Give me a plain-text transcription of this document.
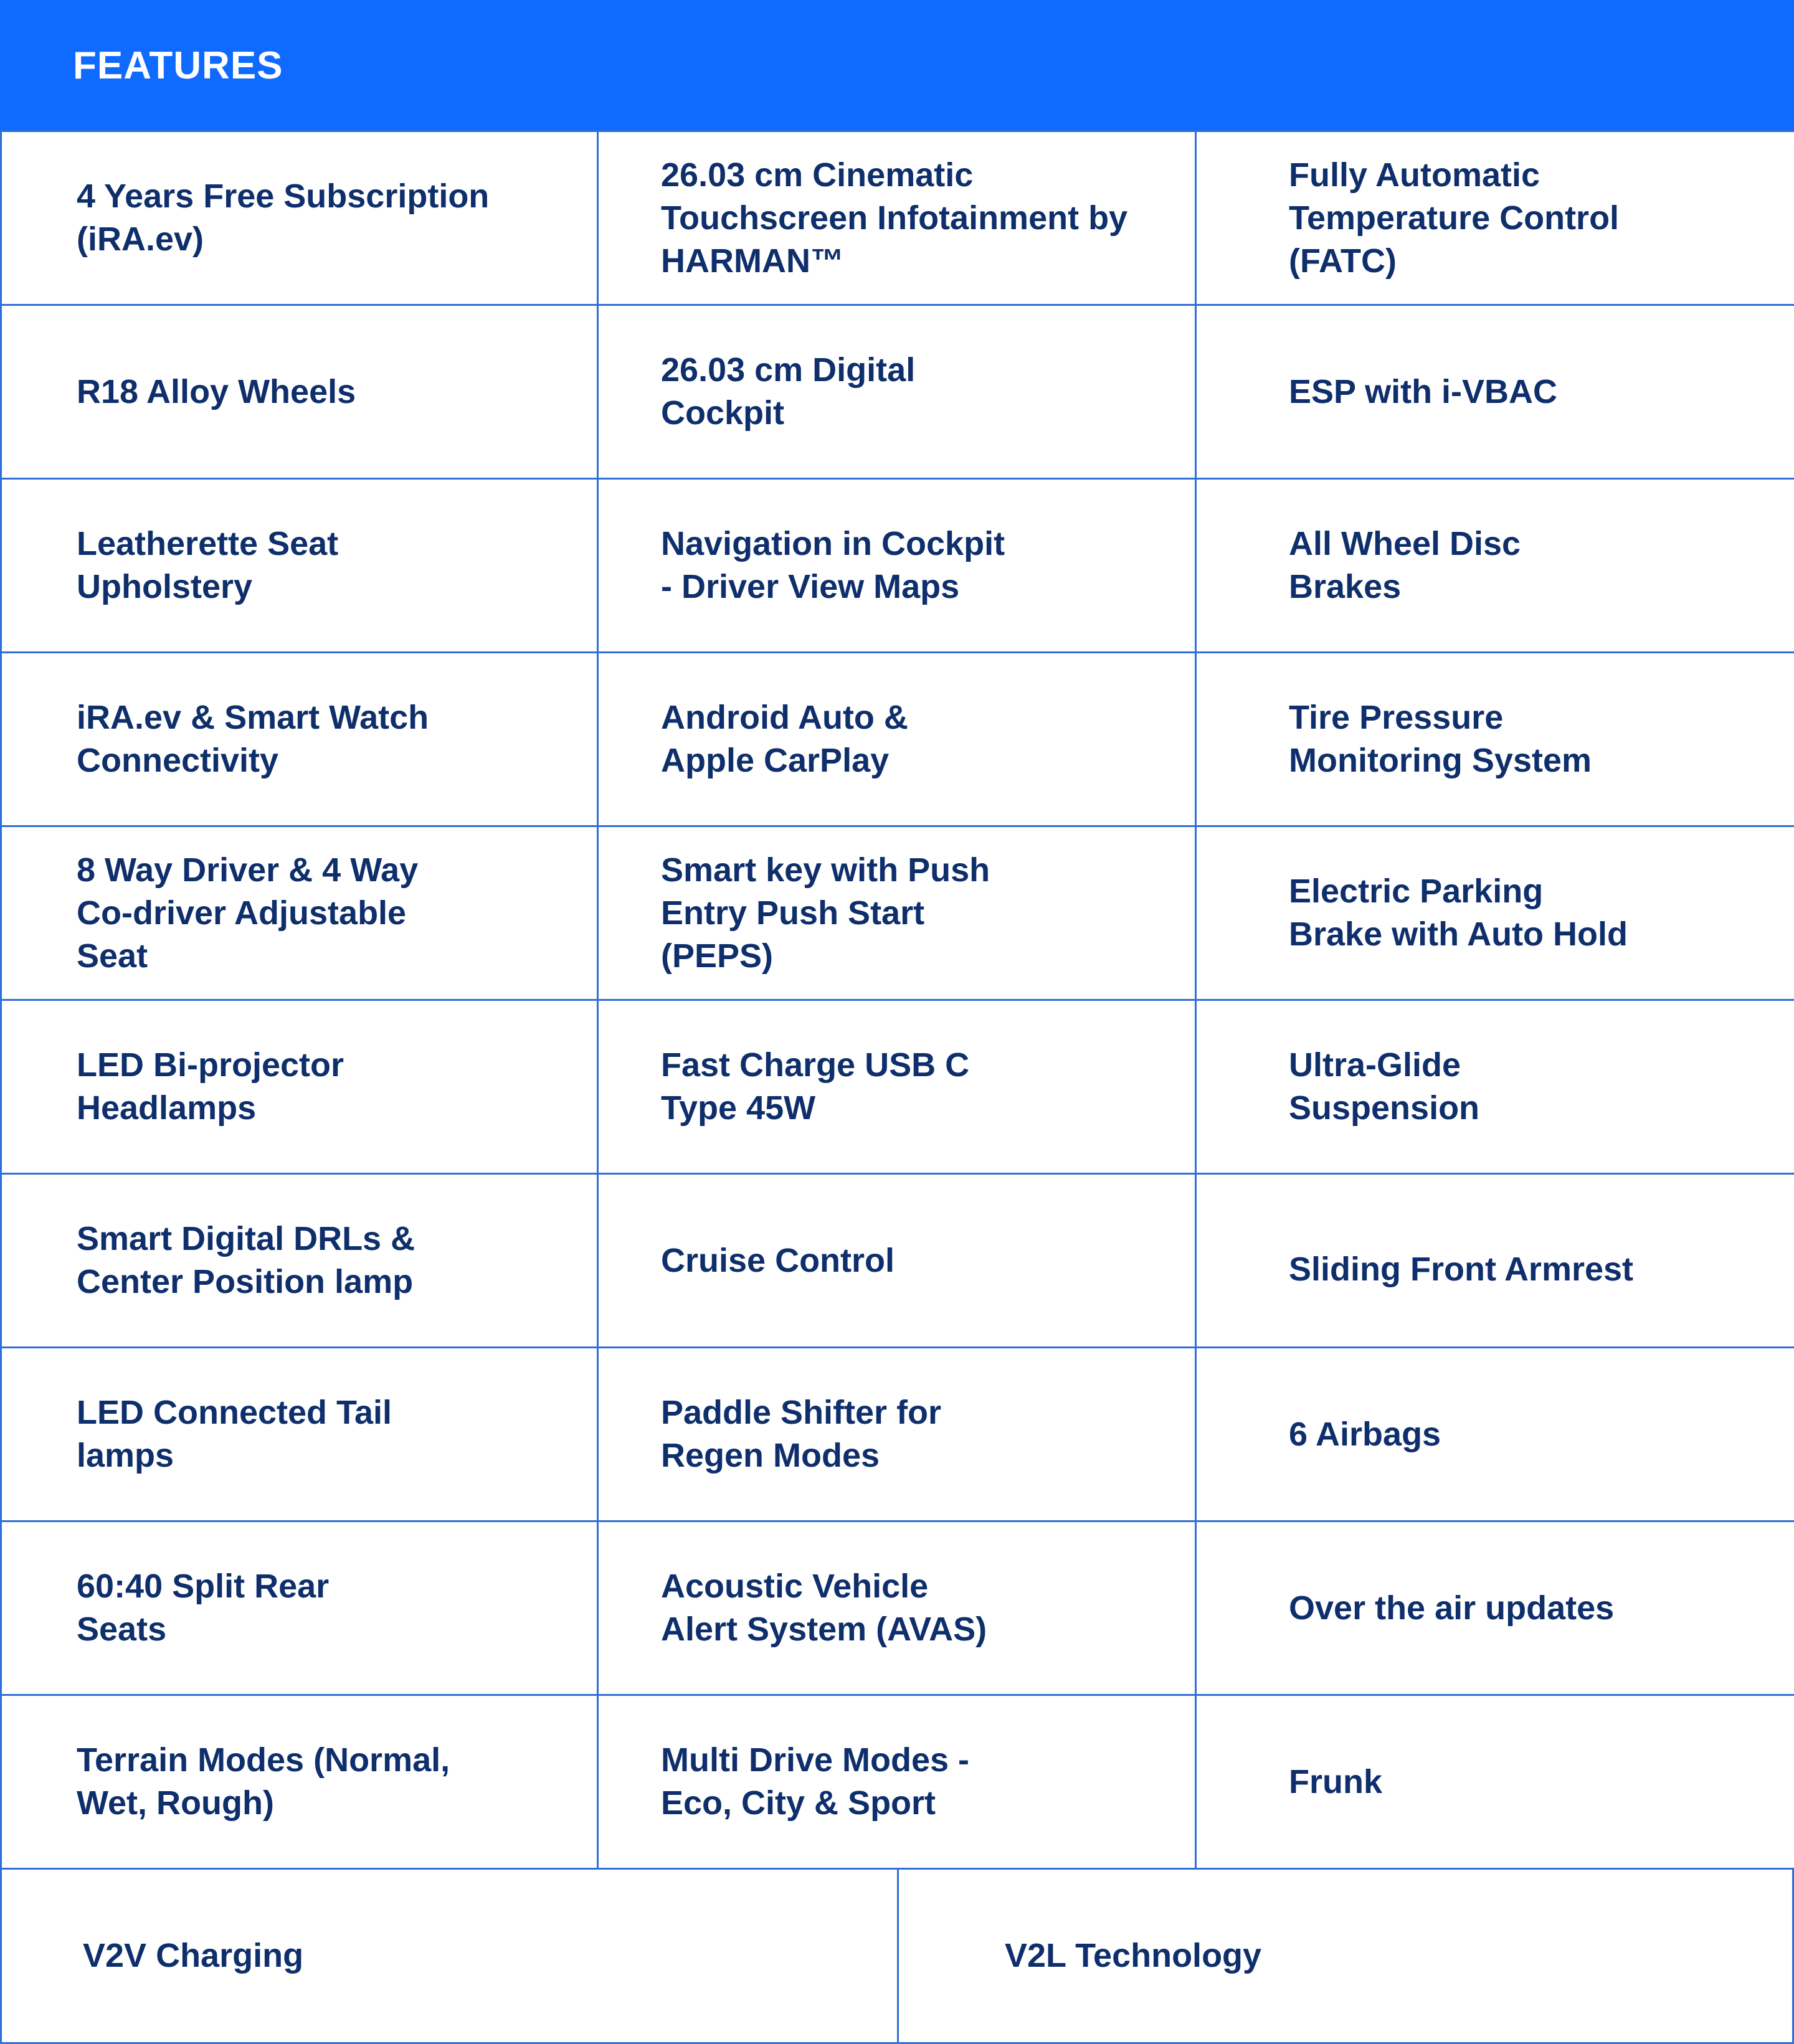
FEATURES
4 Years Free Subscription
(iRA.ev)
26.03 cm Cinematic
Touchscreen Infotainment by
HARMAN™
Fully Automatic
Temperature Control
(FATC)
R18 Alloy Wheels
26.03 cm Digital
Cockpit
ESP with i-VBAC
Leatherette Seat
Upholstery
Navigation in Cockpit
- Driver View Maps
All Wheel Disc
Brakes
iRA.ev & Smart Watch
Connectivity
Android Auto &
Apple CarPlay
Tire Pressure
Monitoring System
8 Way Driver & 4 Way
Co-driver Adjustable
Seat
Smart key with Push
Entry Push Start
(PEPS)
Electric Parking
Brake with Auto Hold
LED Bi-projector
Headlamps
Fast Charge USB C
Type 45W
Ultra-Glide
Suspension
Smart Digital DRLs &
Center Position lamp
Cruise Control	Sliding Front Armrest
LED Connected Tail
lamps
Paddle Shifter for
Regen Modes
6 Airbags
60:40 Split Rear
Seats
Acoustic Vehicle
Alert System (AVAS)
Over the air updates
Terrain Modes (Normal,
Wet, Rough)
Multi Drive Modes -
Eco, City & Sport
Frunk
V2V Charging	V2L Technology
